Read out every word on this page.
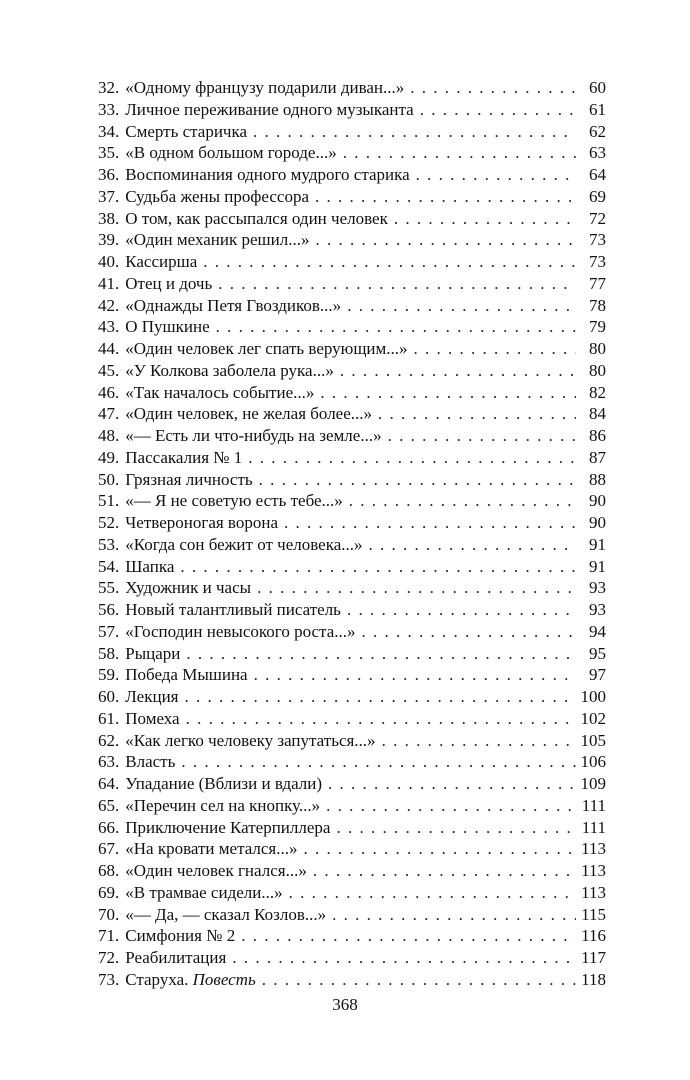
32. «Одному французу подарили диван...» . . .	60
33. Личное переживание одного музыканта . . .	61
34. Смерть старичка . . .	62
35. «В одном большом городе...» . . .	63
36. Воспоминания одного мудрого старика . . .	64
37. Судьба жены профессора . . .	69
38. О том, как рассыпался один человек . . .	72
39. «Один механик решил...» . . .	73
40. Кассирша . . .	73
41. Отец и дочь . . .	77
42. «Однажды Петя Гвоздиков...» . . .	78
43. О Пушкине . . .	79
44. «Один человек лег спать верующим...» . . .	80
45. «У Колкова заболела рука...» . . .	80
46. «Так началось событие...» . . .	82
47. «Один человек, не желая более...» . . .	84
48. «— Есть ли что-нибудь на земле...» . . .	86
49. Пассакалия № 1 . . .	87
50. Грязная личность . . .	88
51. «— Я не советую есть тебе...» . . .	90
52. Четвероногая ворона . . .	90
53. «Когда сон бежит от человека...» . . .	91
54. Шапка . . .	91
55. Художник и часы . . .	93
56. Новый талантливый писатель . . .	93
57. «Господин невысокого роста...» . . .	94
58. Рыцари . . .	95
59. Победа Мышина . . .	97
60. Лекция . . .	100
61. Помеха . . .	102
62. «Как легко человеку запутаться...» . . .	105
63. Власть . . .	106
64. Упадание (Вблизи и вдали) . . .	109
65. «Перечин сел на кнопку...» . . .	111
66. Приключение Катерпиллера . . .	111
67. «На кровати метался...» . . .	113
68. «Один человек гнался...» . . .	113
69. «В трамвае сидели...» . . .	113
70. «— Да, — сказал Козлов...» . . .	115
71. Симфония № 2 . . .	116
72. Реабилитация . . .	117
73. Старуха. Повесть . . .	118
368
